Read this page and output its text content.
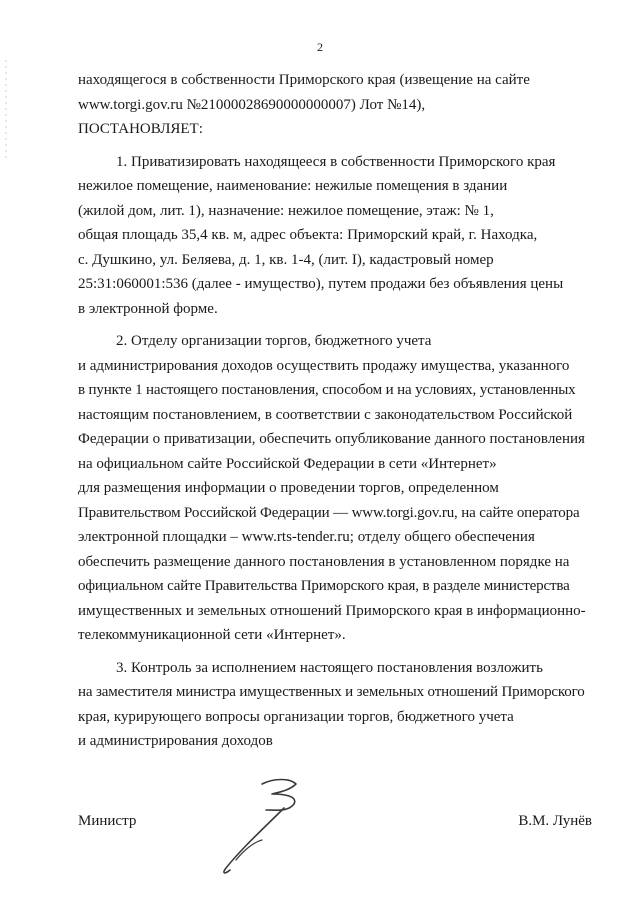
2

находящегося в собственности Приморского края (извещение на сайте

www.torgi.gov.ru №21000028690000000007) Лот №14),

ПОСТАНОВЛЯЕТ:

1. Приватизировать находящееся в собственности Приморского края

нежилое помещение, наименование: нежилые помещения в здании

(жилой дом, лит. 1), назначение: нежилое помещение, этаж: № 1,

общая площадь 35,4 кв. м, адрес объекта: Приморский край, г. Находка,

с. Душкино, ул. Беляева, д. 1, кв. 1-4, (лит. I), кадастровый номер

25:31:060001:536 (далее - имущество), путем продажи без объявления цены

в электронной форме.

2. Отделу организации торгов, бюджетного учета

и администрирования доходов осуществить продажу имущества, указанного

в пункте 1 настоящего постановления, способом и на условиях, установленных

настоящим постановлением, в соответствии с законодательством Российской

Федерации о приватизации, обеспечить опубликование данного постановления

на официальном сайте Российской Федерации в сети «Интернет»

для размещения информации о проведении торгов, определенном

Правительством Российской Федерации — www.torgi.gov.ru, на сайте оператора

электронной площадки – www.rts-tender.ru; отделу общего обеспечения

обеспечить размещение данного постановления в установленном порядке на

официальном сайте Правительства Приморского края, в разделе министерства

имущественных и земельных отношений Приморского края в информационно-

телекоммуникационной сети «Интернет».

3. Контроль за исполнением настоящего постановления возложить

на заместителя министра имущественных и земельных отношений Приморского

края, курирующего вопросы организации торгов, бюджетного учета

и администрирования доходов

Министр	В.М. Лунёв
